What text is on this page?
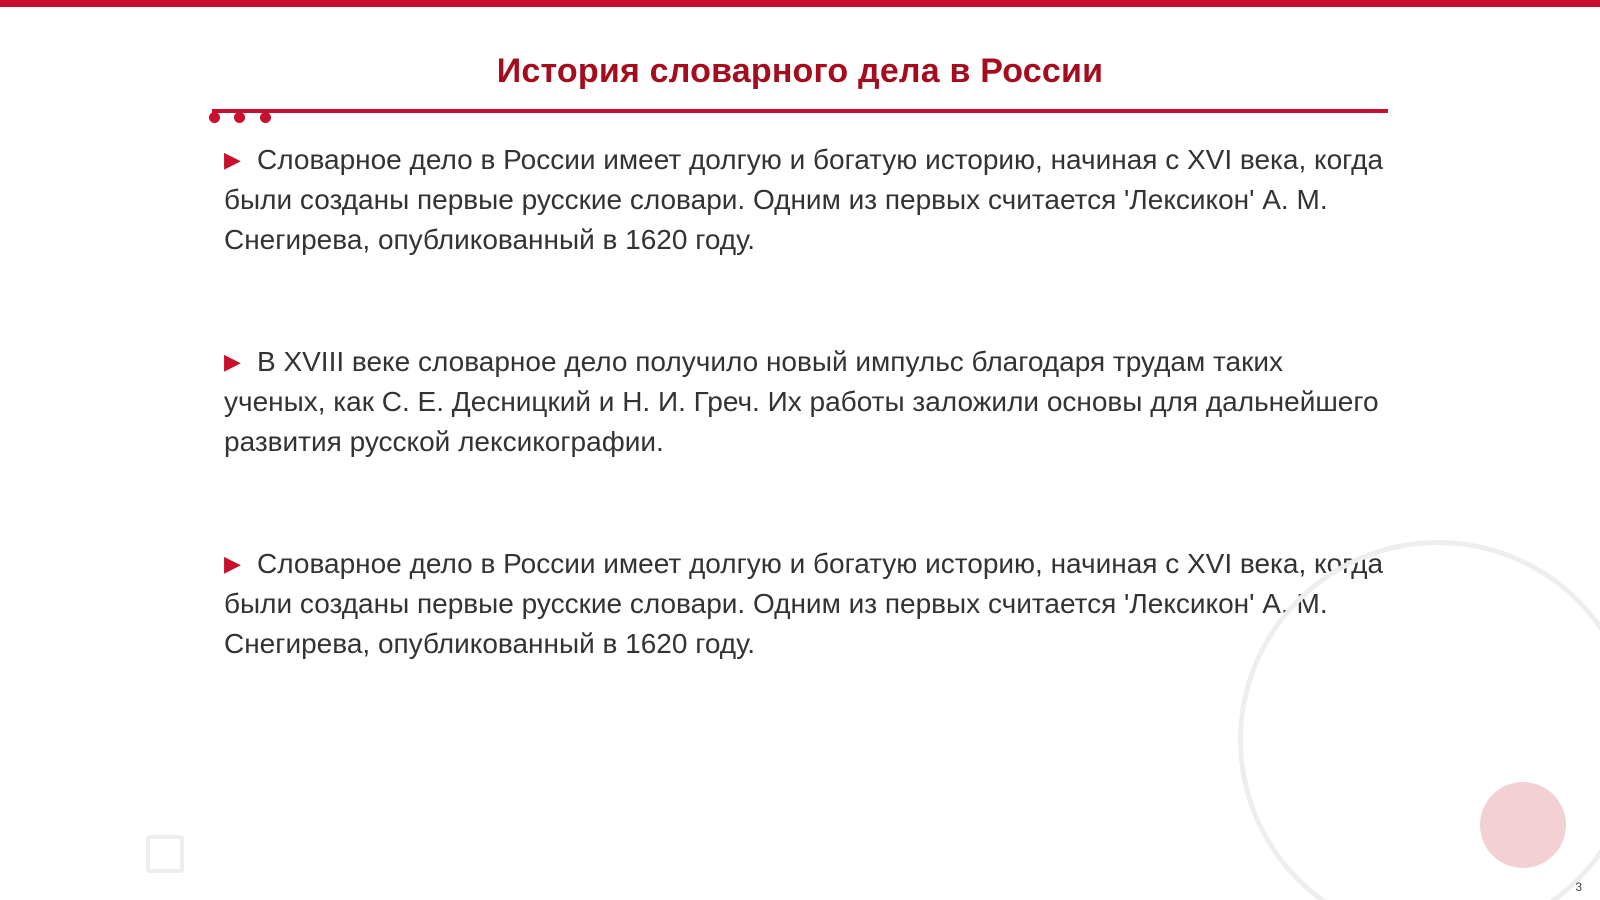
История словарного дела в России

▶ Словарное дело в России имеет долгую и богатую историю, начиная с XVI века, когда были созданы первые русские словари. Одним из первых считается 'Лексикон' А. М. Снегирева, опубликованный в 1620 году.

▶ В XVIII веке словарное дело получило новый импульс благодаря трудам таких ученых, как С. Е. Десницкий и Н. И. Греч. Их работы заложили основы для дальнейшего развития русской лексикографии.

▶ Словарное дело в России имеет долгую и богатую историю, начиная с XVI века, когда были созданы первые русские словари. Одним из первых считается 'Лексикон' А. М. Снегирева, опубликованный в 1620 году.

3
